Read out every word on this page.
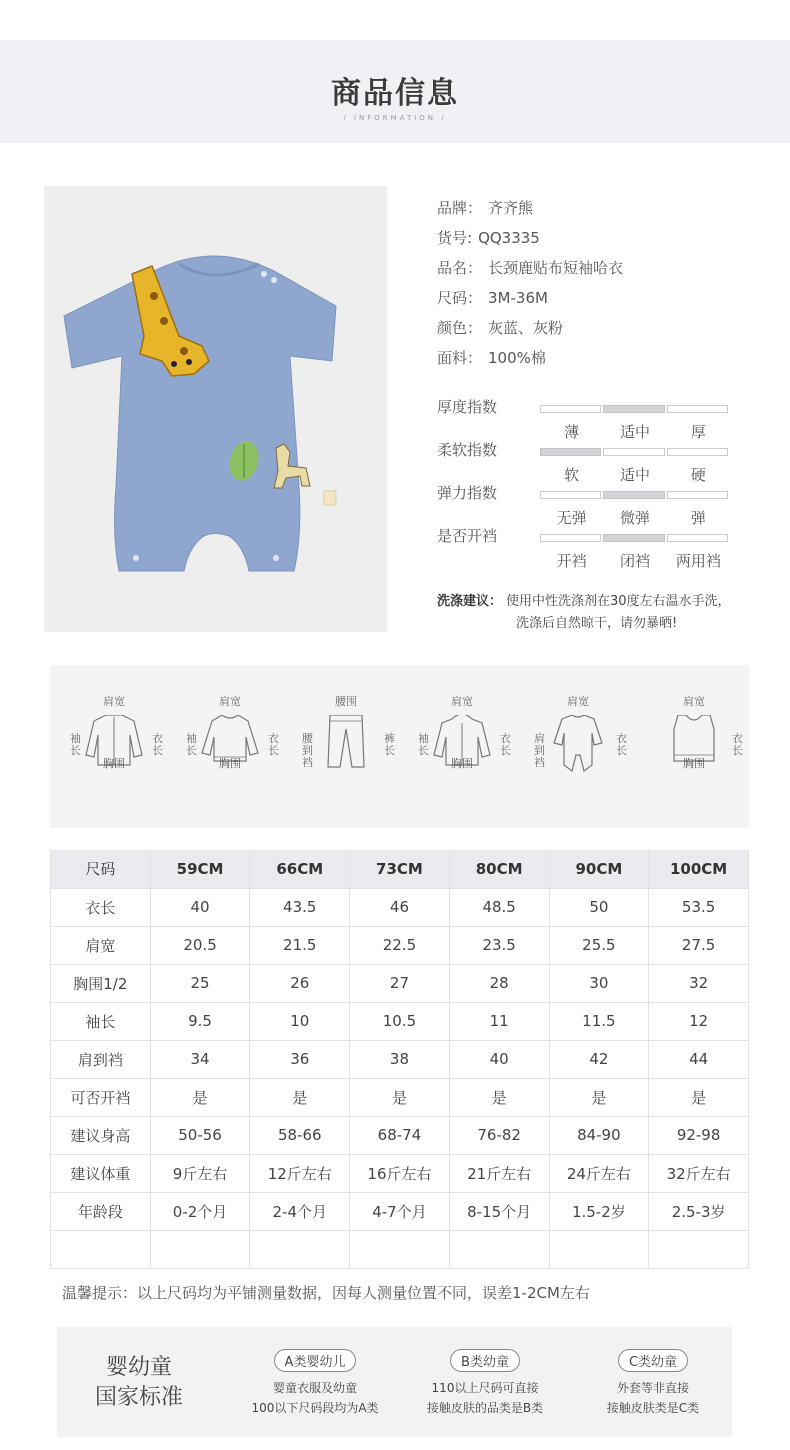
商品信息
/ INFORMATION /
品牌： 齐齐熊
货号: QQ3335
品名： 长颈鹿贴布短袖哈衣
尺码： 3M-36M
颜色： 灰蓝、灰粉
面料： 100%棉
厚度指数
薄	适中	厚
柔软指数
软	适中	硬
弹力指数
无弹	微弹	弹
是否开裆
开裆	闭裆	两用裆
洗涤建议： 使用中性洗涤剂在30度左右温水手洗，
洗涤后自然晾干，请勿暴晒!
肩宽
袖长
衣长
胸围
肩宽
袖长
衣长
胸围
腰围
腰到裆
裤长
肩宽
袖长
衣长
胸围
肩宽
肩到裆
衣长
肩宽
衣长
胸围
尺码	59CM	66CM	73CM	80CM	90CM	100CM
衣长	40	43.5	46	48.5	50	53.5
肩宽	20.5	21.5	22.5	23.5	25.5	27.5
胸围1/2	25	26	27	28	30	32
袖长	9.5	10	10.5	11	11.5	12
肩到裆	34	36	38	40	42	44
可否开裆	是	是	是	是	是	是
建议身高	50-56	58-66	68-74	76-82	84-90	92-98
建议体重	9斤左右	12斤左右	16斤左右	21斤左右	24斤左右	32斤左右
年龄段	0-2个月	2-4个月	4-7个月	8-15个月	1.5-2岁	2.5-3岁

温馨提示：以上尺码均为平铺测量数据，因每人测量位置不同，误差1-2CM左右
婴幼童
国家标准
A类婴幼儿
婴童衣服及幼童
100以下尺码段均为A类
B类幼童
110以上尺码可直接
接触皮肤的品类是B类
C类幼童
外套等非直接
接触皮肤类是C类
